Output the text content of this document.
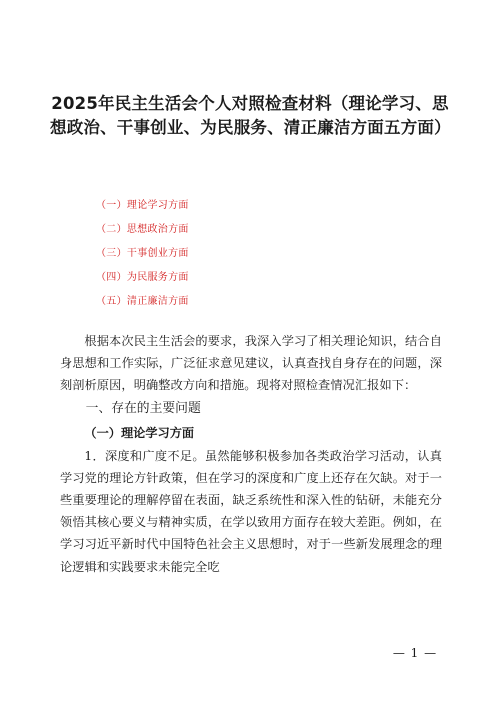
2025年民主生活会个人对照检查材料（理论学习、思想政治、干事创业、为民服务、清正廉洁方面五方面）
（一）理论学习方面
（二）思想政治方面
（三）干事创业方面
（四）为民服务方面
（五）清正廉洁方面

根据本次民主生活会的要求，我深入学习了相关理论知识，结合自身思想和工作实际，广泛征求意见建议，认真查找自身存在的问题，深刻剖析原因，明确整改方向和措施。现将对照检查情况汇报如下：

一、存在的主要问题

（一）理论学习方面

1．深度和广度不足。虽然能够积极参加各类政治学习活动，认真学习党的理论方针政策，但在学习的深度和广度上还存在欠缺。对于一些重要理论的理解停留在表面，缺乏系统性和深入性的钻研，未能充分领悟其核心要义与精神实质，在学以致用方面存在较大差距。例如，在学习习近平新时代中国特色社会主义思想时，对于一些新发展理念的理论逻辑和实践要求未能完全吃

— 1 —
